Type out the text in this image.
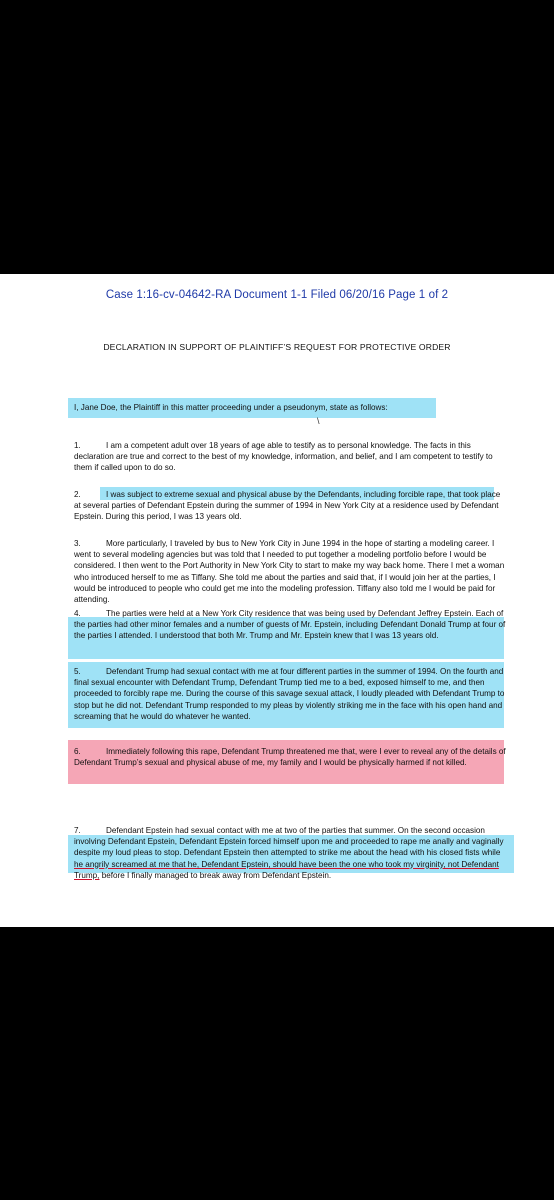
Case 1:16-cv-04642-RA Document 1-1 Filed 06/20/16 Page 1 of 2
DECLARATION IN SUPPORT OF PLAINTIFF’S REQUEST FOR PROTECTIVE ORDER
I, Jane Doe, the Plaintiff in this matter proceeding under a pseudonym, state as follows:
\
1.	I am a competent adult over 18 years of age able to testify as to personal knowledge. The facts in this declaration are true and correct to the best of my knowledge, information, and belief, and I am competent to testify to them if called upon to do so.
2.	I was subject to extreme sexual and physical abuse by the Defendants, including forcible rape, that took place at several parties of Defendant Epstein during the summer of 1994 in New York City at a residence used by Defendant Epstein. During this period, I was 13 years old.
3.	More particularly, I traveled by bus to New York City in June 1994 in the hope of starting a modeling career. I went to several modeling agencies but was told that I needed to put together a modeling portfolio before I would be considered. I then went to the Port Authority in New York City to start to make my way back home. There I met a woman who introduced herself to me as Tiffany. She told me about the parties and said that, if I would join her at the parties, I would be introduced to people who could get me into the modeling profession. Tiffany also told me I would be paid for attending.
4.	The parties were held at a New York City residence that was being used by Defendant Jeffrey Epstein. Each of the parties had other minor females and a number of guests of Mr. Epstein, including Defendant Donald Trump at four of the parties I attended. I understood that both Mr. Trump and Mr. Epstein knew that I was 13 years old.
5.	Defendant Trump had sexual contact with me at four different parties in the summer of 1994. On the fourth and final sexual encounter with Defendant Trump, Defendant Trump tied me to a bed, exposed himself to me, and then proceeded to forcibly rape me. During the course of this savage sexual attack, I loudly pleaded with Defendant Trump to stop but he did not. Defendant Trump responded to my pleas by violently striking me in the face with his open hand and screaming that he would do whatever he wanted.
6.	Immediately following this rape, Defendant Trump threatened me that, were I ever to reveal any of the details of Defendant Trump’s sexual and physical abuse of me, my family and I would be physically harmed if not killed.
7.	Defendant Epstein had sexual contact with me at two of the parties that summer. On the second occasion involving Defendant Epstein, Defendant Epstein forced himself upon me and proceeded to rape me anally and vaginally despite my loud pleas to stop. Defendant Epstein then attempted to strike me about the head with his closed fists while he angrily screamed at me that he, Defendant Epstein, should have been the one who took my virginity, not Defendant Trump, before I finally managed to break away from Defendant Epstein.
